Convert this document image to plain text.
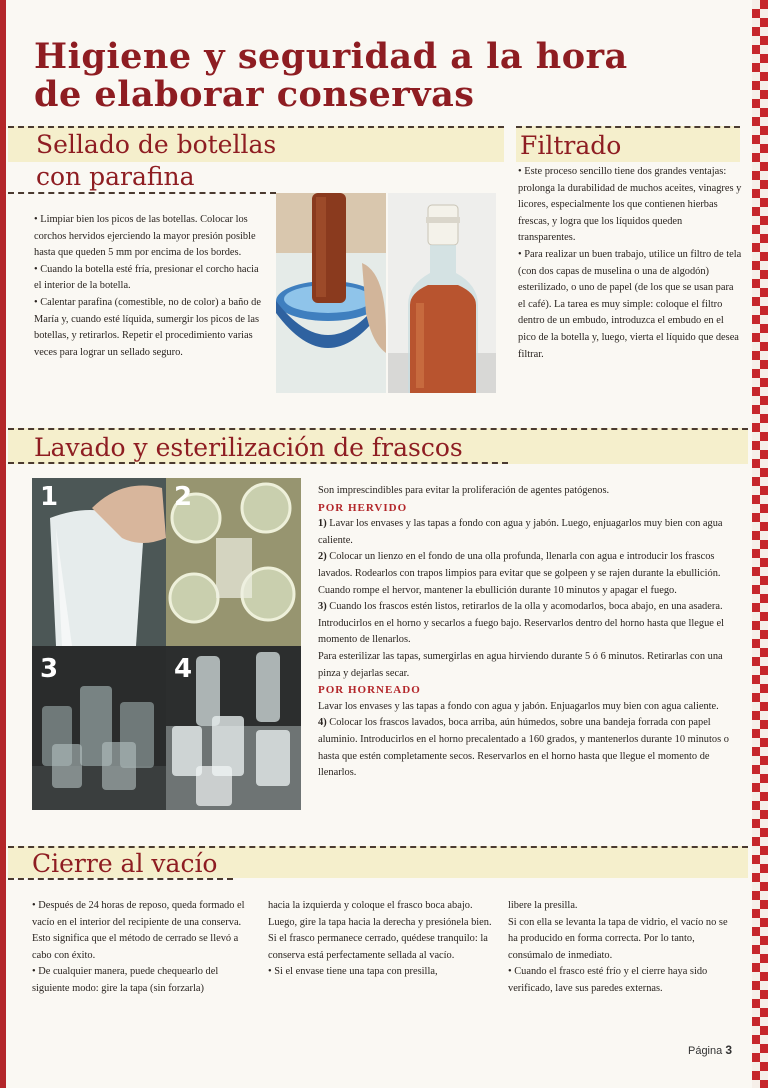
Higiene y seguridad a la hora de elaborar conservas
Sellado de botellas
con parafina

• Limpiar bien los picos de las botellas. Colocar los corchos hervidos ejerciendo la mayor presión posible hasta que queden 5 mm por encima de los bordes.

• Cuando la botella esté fría, presionar el corcho hacia el interior de la botella.

• Calentar parafina (comestible, no de color) a baño de María y, cuando esté líquida, sumergir los picos de las botellas, y retirarlos. Repetir el procedimiento varias veces para lograr un sellado seguro.

Filtrado

• Este proceso sencillo tiene dos grandes ventajas: prolonga la durabilidad de muchos aceites, vinagres y licores, especialmente los que contienen hierbas frescas, y logra que los líquidos queden transparentes.

• Para realizar un buen trabajo, utilice un filtro de tela (con dos capas de muselina o una de algodón) esterilizado, o uno de papel (de los que se usan para el café). La tarea es muy simple: coloque el filtro dentro de un embudo, introduzca el embudo en el pico de la botella y, luego, vierta el líquido que desea filtrar.

Lavado y esterilización de frascos
1	2
3	4

Son imprescindibles para evitar la proliferación de agentes patógenos.

POR HERVIDO

1) Lavar los envases y las tapas a fondo con agua y jabón. Luego, enjuagarlos muy bien con agua caliente.

2) Colocar un lienzo en el fondo de una olla profunda, llenarla con agua e introducir los frascos lavados. Rodearlos con trapos limpios para evitar que se golpeen y se rajen durante la ebullición. Cuando rompe el hervor, mantener la ebullición durante 10 minutos y apagar el fuego.

3) Cuando los frascos estén listos, retirarlos de la olla y acomodarlos, boca abajo, en una asadera. Introducirlos en el horno y secarlos a fuego bajo. Reservarlos dentro del horno hasta que llegue el momento de llenarlos.

Para esterilizar las tapas, sumergirlas en agua hirviendo durante 5 ó 6 minutos. Retirarlas con una pinza y dejarlas secar.

POR HORNEADO

Lavar los envases y las tapas a fondo con agua y jabón. Enjuagarlos muy bien con agua caliente.

4) Colocar los frascos lavados, boca arriba, aún húmedos, sobre una bandeja forrada con papel aluminio. Introducirlos en el horno precalentado a 160 grados, y mantenerlos durante 10 minutos o hasta que estén completamente secos. Reservarlos en el horno hasta que llegue el momento de llenarlos.

Cierre al vacío

• Después de 24 horas de reposo, queda formado el vacío en el interior del recipiente de una conserva. Esto significa que el método de cerrado se llevó a cabo con éxito.

• De cualquier manera, puede chequearlo del siguiente modo: gire la tapa (sin forzarla)

hacia la izquierda y coloque el frasco boca abajo. Luego, gire la tapa hacia la derecha y presiónela bien. Si el frasco permanece cerrado, quédese tranquilo: la conserva está perfectamente sellada al vacío.

• Si el envase tiene una tapa con presilla,

libere la presilla.

Si con ella se levanta la tapa de vidrio, el vacío no se ha producido en forma correcta. Por lo tanto, consúmalo de inmediato.

• Cuando el frasco esté frío y el cierre haya sido verificado, lave sus paredes externas.

Página 3
